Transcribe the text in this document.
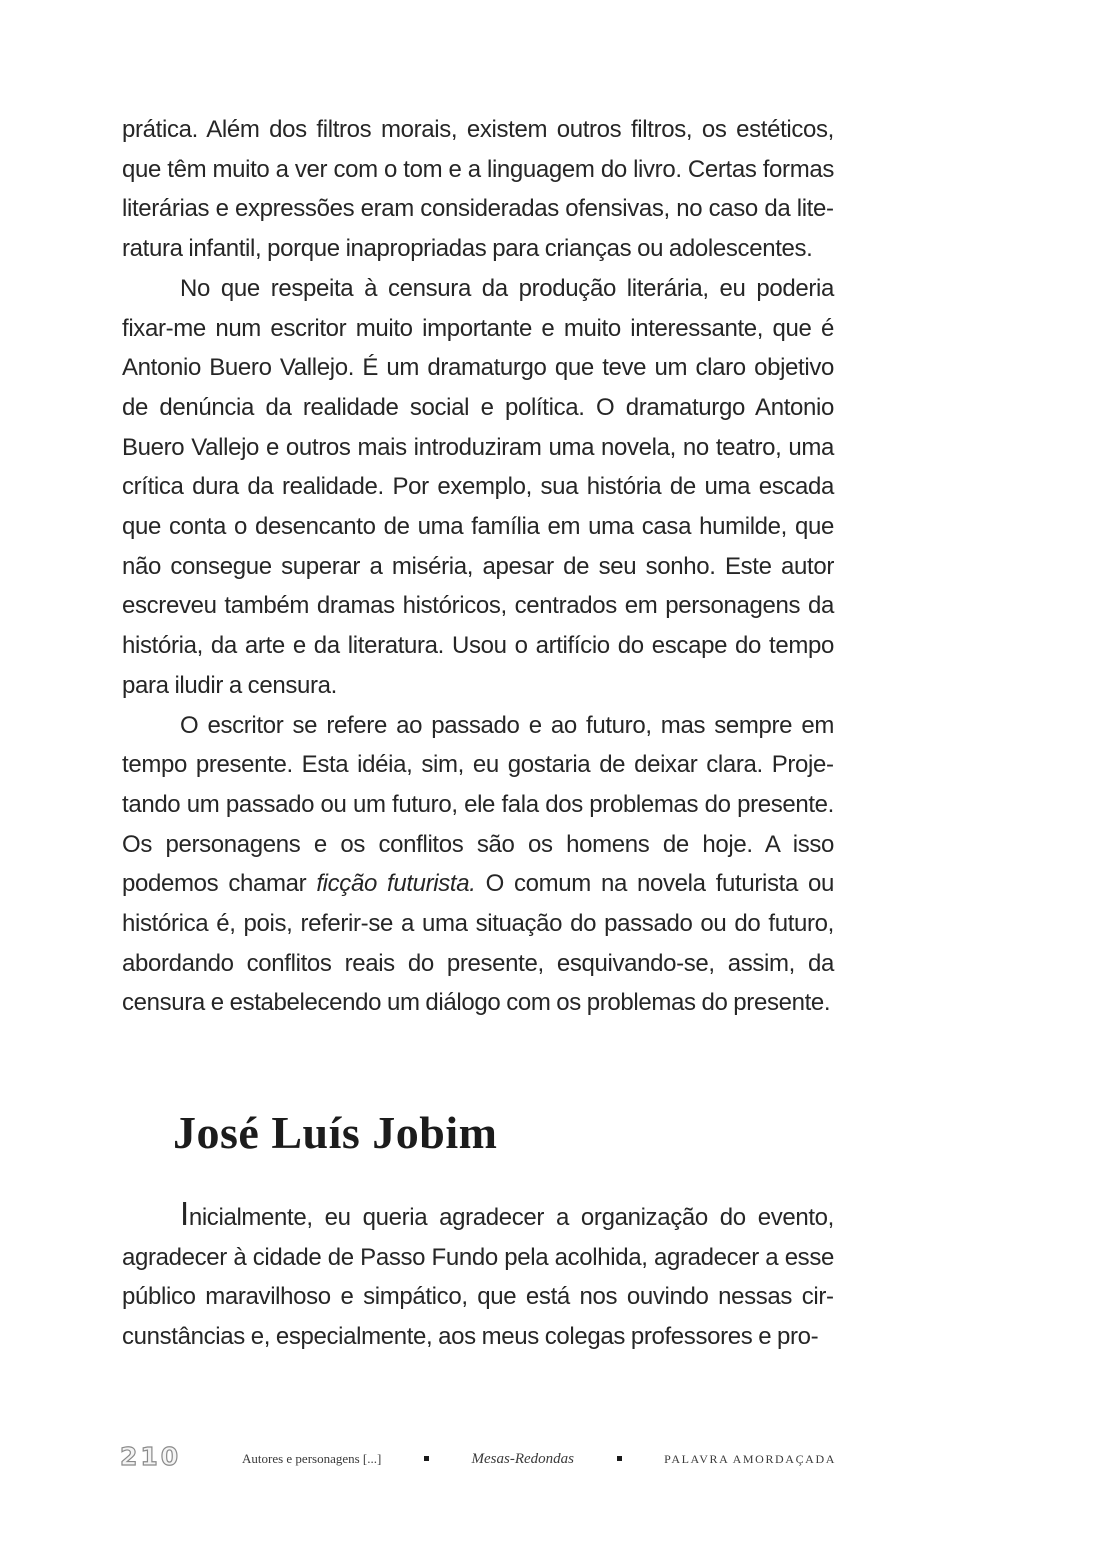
prática. Além dos filtros morais, existem outros filtros, os estéticos, que têm muito a ver com o tom e a linguagem do livro. Certas formas literárias e expressões eram consideradas ofensivas, no caso da literatura infantil, porque inapropriadas para crianças ou adolescentes.

No que respeita à censura da produção literária, eu poderia fixar-me num escritor muito importante e muito interessante, que é Antonio Buero Vallejo. É um dramaturgo que teve um claro objetivo de denúncia da realidade social e política. O dramaturgo Antonio Buero Vallejo e outros mais introduziram uma novela, no teatro, uma crítica dura da realidade. Por exemplo, sua história de uma escada que conta o desencanto de uma família em uma casa humilde, que não consegue superar a miséria, apesar de seu sonho. Este autor escreveu também dramas históricos, centrados em personagens da história, da arte e da literatura. Usou o artifício do escape do tempo para iludir a censura.

O escritor se refere ao passado e ao futuro, mas sempre em tempo presente. Esta idéia, sim, eu gostaria de deixar clara. Projetando um passado ou um futuro, ele fala dos problemas do presente. Os personagens e os conflitos são os homens de hoje. A isso podemos chamar ficção futurista. O comum na novela futurista ou histórica é, pois, referir-se a uma situação do passado ou do futuro, abordando conflitos reais do presente, esquivando-se, assim, da censura e estabelecendo um diálogo com os problemas do presente.

José Luís Jobim

Inicialmente, eu queria agradecer a organização do evento, agradecer à cidade de Passo Fundo pela acolhida, agradecer a esse público maravilhoso e simpático, que está nos ouvindo nessas circunstâncias e, especialmente, aos meus colegas professores e pro-

210	Autores e personagens [...]	Mesas-Redondas	PALAVRA AMORDAÇADA
